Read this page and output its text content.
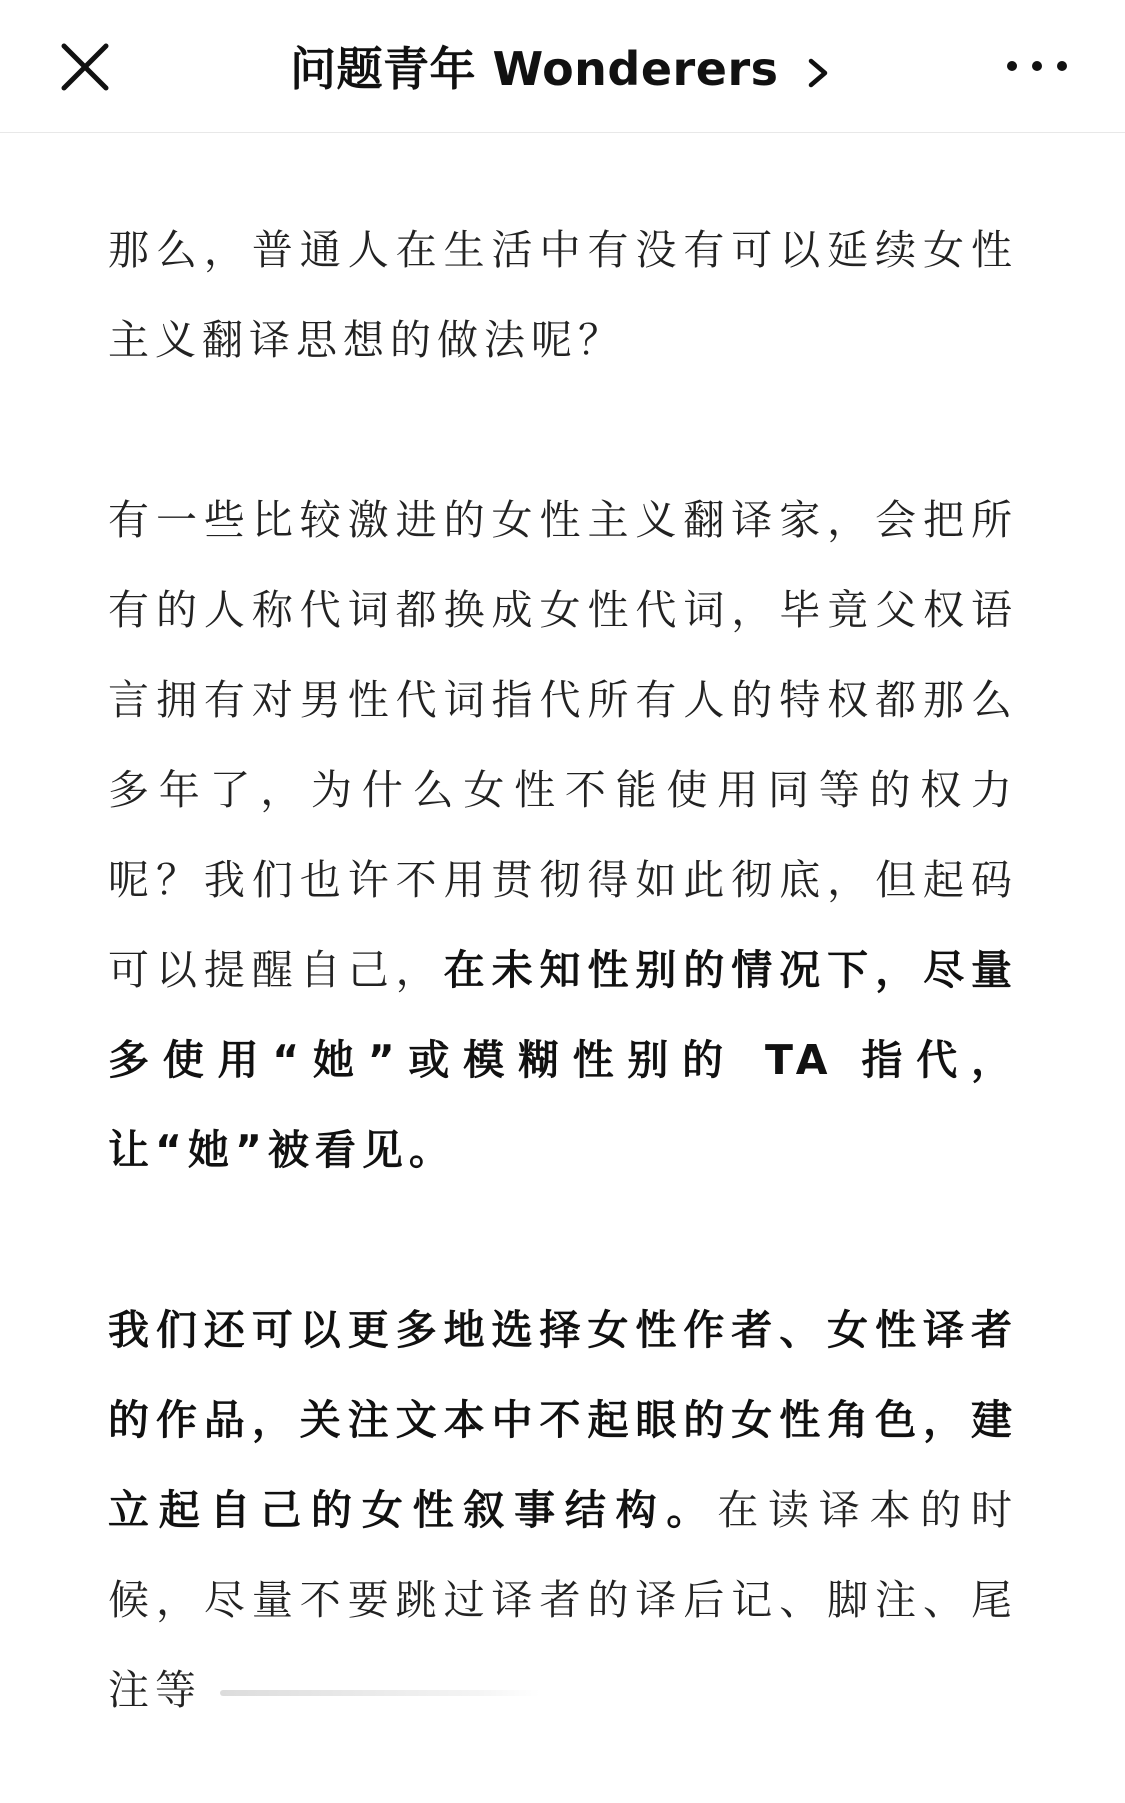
问题青年 Wonderers

那么，普通人在生活中有没有可以延续女性主义翻译思想的做法呢？

有一些比较激进的女性主义翻译家，会把所有的人称代词都换成女性代词，毕竟父权语言拥有对男性代词指代所有人的特权都那么多年了，为什么女性不能使用同等的权力呢？我们也许不用贯彻得如此彻底，但起码可以提醒自己，在未知性别的情况下，尽量多使用“她”或模糊性别的 TA 指代，让“她”被看见。

我们还可以更多地选择女性作者、女性译者的作品，关注文本中不起眼的女性角色，建立起自己的女性叙事结构。在读译本的时候，尽量不要跳过译者的译后记、脚注、尾注等
